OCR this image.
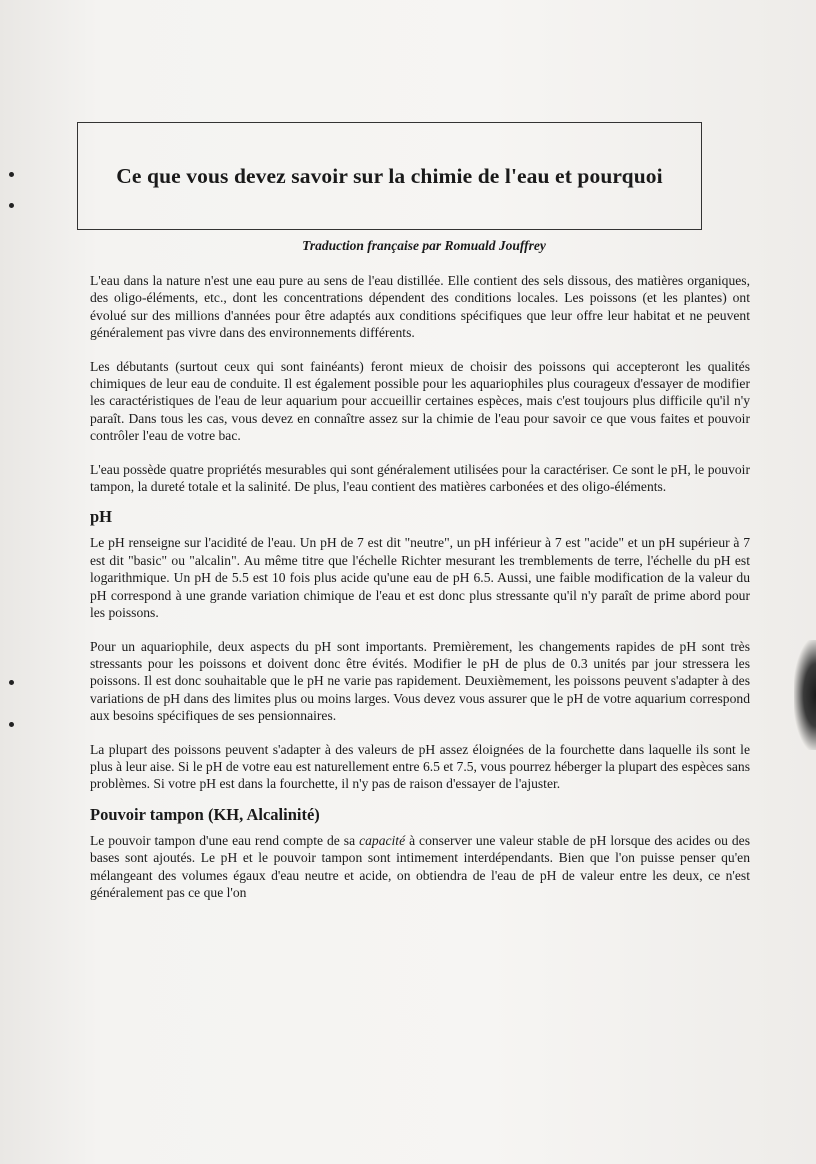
Ce que vous devez savoir sur la chimie de l'eau et pourquoi
Traduction française par Romuald Jouffrey

L'eau dans la nature n'est une eau pure au sens de l'eau distillée. Elle contient des sels dissous, des matières organiques, des oligo-éléments, etc., dont les concentrations dépendent des conditions locales. Les poissons (et les plantes) ont évolué sur des millions d'années pour être adaptés aux conditions spécifiques que leur offre leur habitat et ne peuvent généralement pas vivre dans des environnements différents.

Les débutants (surtout ceux qui sont fainéants) feront mieux de choisir des poissons qui accepteront les qualités chimiques de leur eau de conduite. Il est également possible pour les aquariophiles plus courageux d'essayer de modifier les caractéristiques de l'eau de leur aquarium pour accueillir certaines espèces, mais c'est toujours plus difficile qu'il n'y paraît. Dans tous les cas, vous devez en connaître assez sur la chimie de l'eau pour savoir ce que vous faites et pouvoir contrôler l'eau de votre bac.

L'eau possède quatre propriétés mesurables qui sont généralement utilisées pour la caractériser. Ce sont le pH, le pouvoir tampon, la dureté totale et la salinité. De plus, l'eau contient des matières carbonées et des oligo-éléments.

pH

Le pH renseigne sur l'acidité de l'eau. Un pH de 7 est dit "neutre", un pH inférieur à 7 est "acide" et un pH supérieur à 7 est dit "basic" ou "alcalin". Au même titre que l'échelle Richter mesurant les tremblements de terre, l'échelle du pH est logarithmique. Un pH de 5.5 est 10 fois plus acide qu'une eau de pH 6.5. Aussi, une faible modification de la valeur du pH correspond à une grande variation chimique de l'eau et est donc plus stressante qu'il n'y paraît de prime abord pour les poissons.

Pour un aquariophile, deux aspects du pH sont importants. Premièrement, les changements rapides de pH sont très stressants pour les poissons et doivent donc être évités. Modifier le pH de plus de 0.3 unités par jour stressera les poissons. Il est donc souhaitable que le pH ne varie pas rapidement. Deuxièmement, les poissons peuvent s'adapter à des variations de pH dans des limites plus ou moins larges. Vous devez vous assurer que le pH de votre aquarium correspond aux besoins spécifiques de ses pensionnaires.

La plupart des poissons peuvent s'adapter à des valeurs de pH assez éloignées de la fourchette dans laquelle ils sont le plus à leur aise. Si le pH de votre eau est naturellement entre 6.5 et 7.5, vous pourrez héberger la plupart des espèces sans problèmes. Si votre pH est dans la fourchette, il n'y pas de raison d'essayer de l'ajuster.

Pouvoir tampon (KH, Alcalinité)

Le pouvoir tampon d'une eau rend compte de sa capacité à conserver une valeur stable de pH lorsque des acides ou des bases sont ajoutés. Le pH et le pouvoir tampon sont intimement interdépendants. Bien que l'on puisse penser qu'en mélangeant des volumes égaux d'eau neutre et acide, on obtiendra de l'eau de pH de valeur entre les deux, ce n'est généralement pas ce que l'on
